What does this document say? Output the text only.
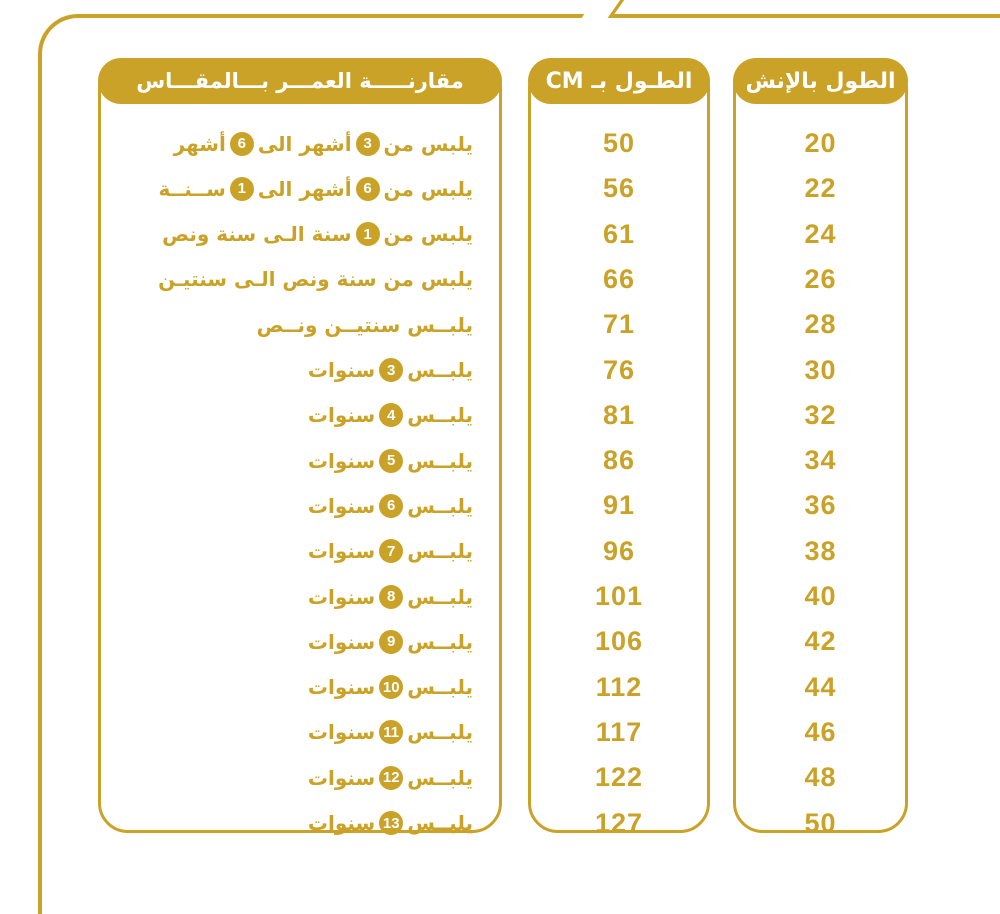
مقارنـــــة العمـــر بـــالمقـــاس
يلبس من
3
أشهر الى
6
أشهر
يلبس من
6
أشهر الى
1
ســنــة
يلبس من
1
سنة الـى سنة ونص
يلبس من سنة ونص الـى سنتيـن
يلبــس سنتيــن ونــص
يلبــس
3
سنوات
يلبــس
4
سنوات
يلبــس
5
سنوات
يلبــس
6
سنوات
يلبــس
7
سنوات
يلبــس
8
سنوات
يلبــس
9
سنوات
يلبــس
10
سنوات
يلبــس
11
سنوات
يلبــس
12
سنوات
يلبــس
13
سنوات
الطـول بـ CM
50
56
61
66
71
76
81
86
91
96
101
106
112
117
122
127
الطول بالإنش
20
22
24
26
28
30
32
34
36
38
40
42
44
46
48
50
